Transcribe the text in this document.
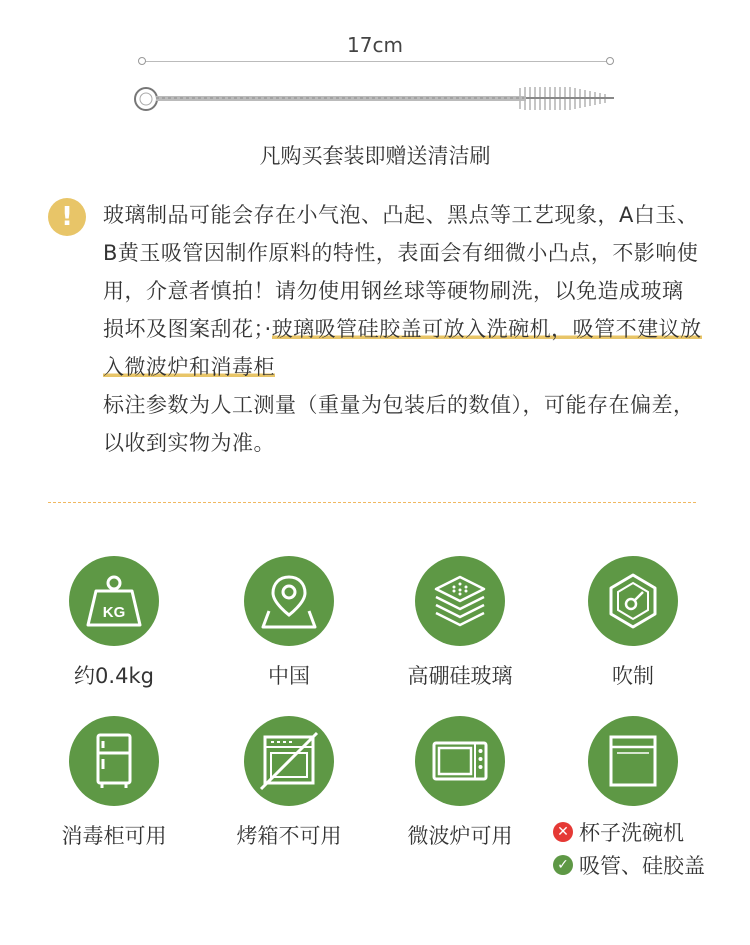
17cm
凡购买套装即赠送清洁刷
!	玻璃制品可能会存在小气泡、凸起、黑点等工艺现象，A白玉、B黄玉吸管因制作原料的特性，表面会有细微小凸点，不影响使用，介意者慎拍！请勿使用钢丝球等硬物刷洗，以免造成玻璃损坏及图案刮花；·玻璃吸管硅胶盖可放入洗碗机，吸管不建议放入微波炉和消毒柜
标注参数为人工测量（重量为包装后的数值），可能存在偏差，以收到实物为准。
KG
约0.4kg	中国	高硼硅玻璃	吹制
消毒柜可用	烤箱不可用	微波炉可用	✕ 杯子洗碗机
✓ 吸管、硅胶盖
